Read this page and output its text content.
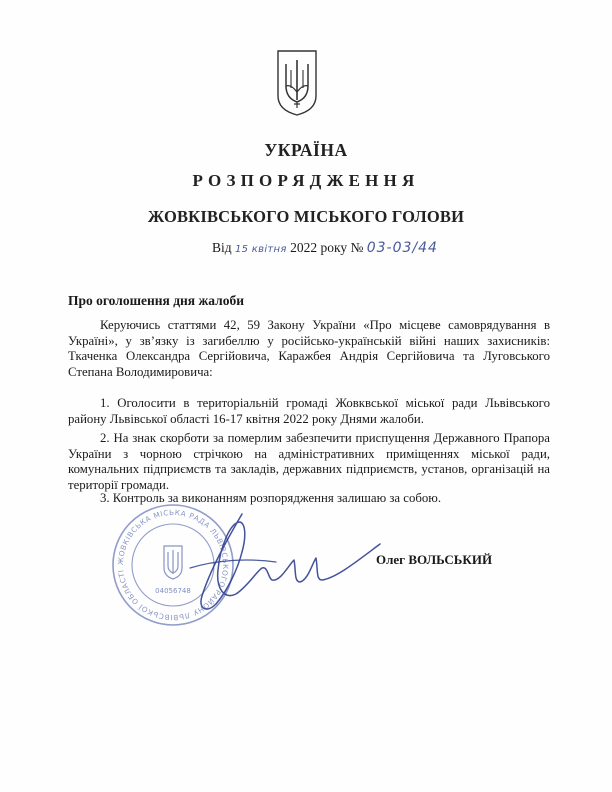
УКРАЇНА
РОЗПОРЯДЖЕННЯ
ЖОВКІВСЬКОГО МІСЬКОГО ГОЛОВИ
Від 15 квітня 2022 року № 03-03/44
Про оголошення дня жалоби
Керуючись статтями 42, 59 Закону України «Про місцеве самоврядування в Україні», у зв’язку із загибеллю у російсько-українській війні наших захисників: Ткаченка Олександра Сергійовича, Каражбея Андрія Сергійовича та Луговського Степана Володимировича:
1. Оголосити в територіальній громаді Жовквської міської ради Львівського району Львівської області 16-17 квітня 2022 року Днями жалоби.
2. На знак скорботи за померлим забезпечити приспущення Державного Прапора України з чорною стрічкою на адміністративних приміщеннях міської ради, комунальних підприємств та закладів, державних підприємств, установ, організацій на території громади.
3. Контроль за виконанням розпорядження залишаю за собою.
ЖОВКІВСЬКА МІСЬКА РАДА ЛЬВІВСЬКОГО РАЙОНУ ЛЬВІВСЬКОЇ ОБЛАСТІ
04056748
Олег ВОЛЬСЬКИЙ
